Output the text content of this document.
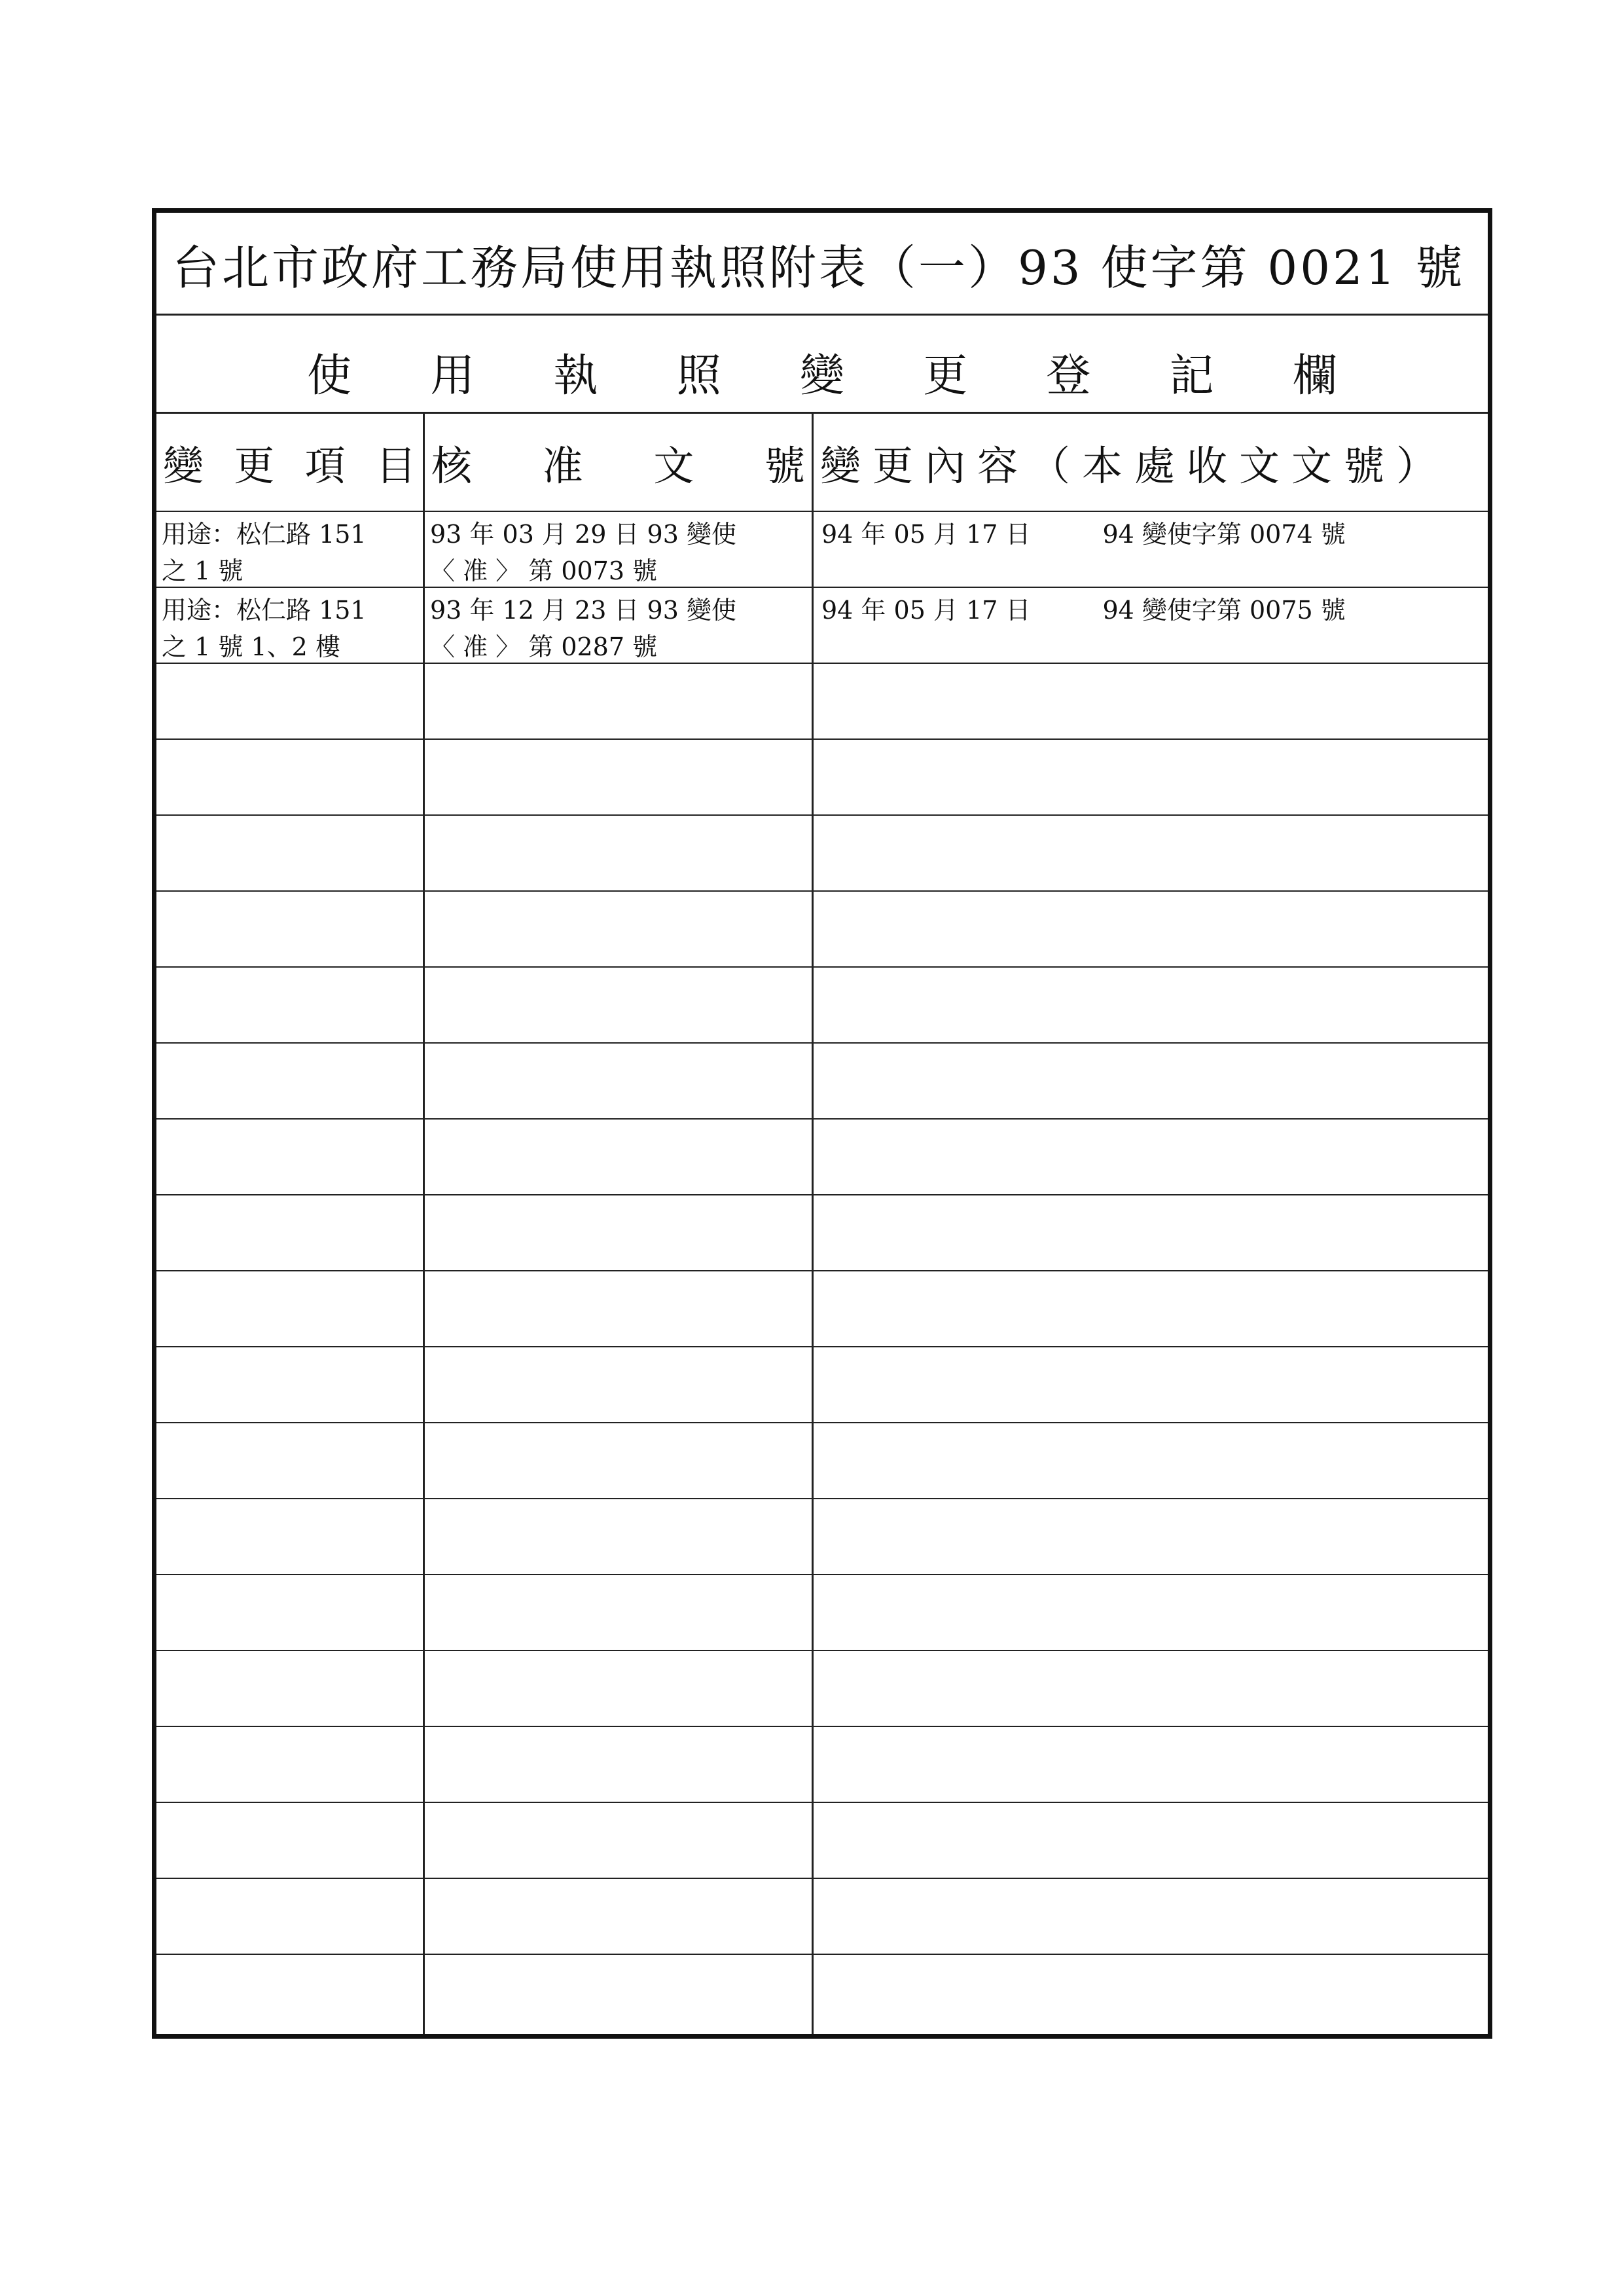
台北市政府工務局使用執照附表（一）93 使字第 0021 號
使 用 執 照 變 更 登 記 欄
變 更 項 目 核 准 文 號 變更內容（本處收文文號）
用途：松仁路 151
之 1 號
93 年 03 月 29 日 93 變使
〈 准 〉 第 0073 號
94 年 05 月 17 日	94 變使字第 0074 號
用途：松仁路 151
之 1 號 1、2 樓
93 年 12 月 23 日 93 變使
〈 准 〉 第 0287 號
94 年 05 月 17 日	94 變使字第 0075 號
